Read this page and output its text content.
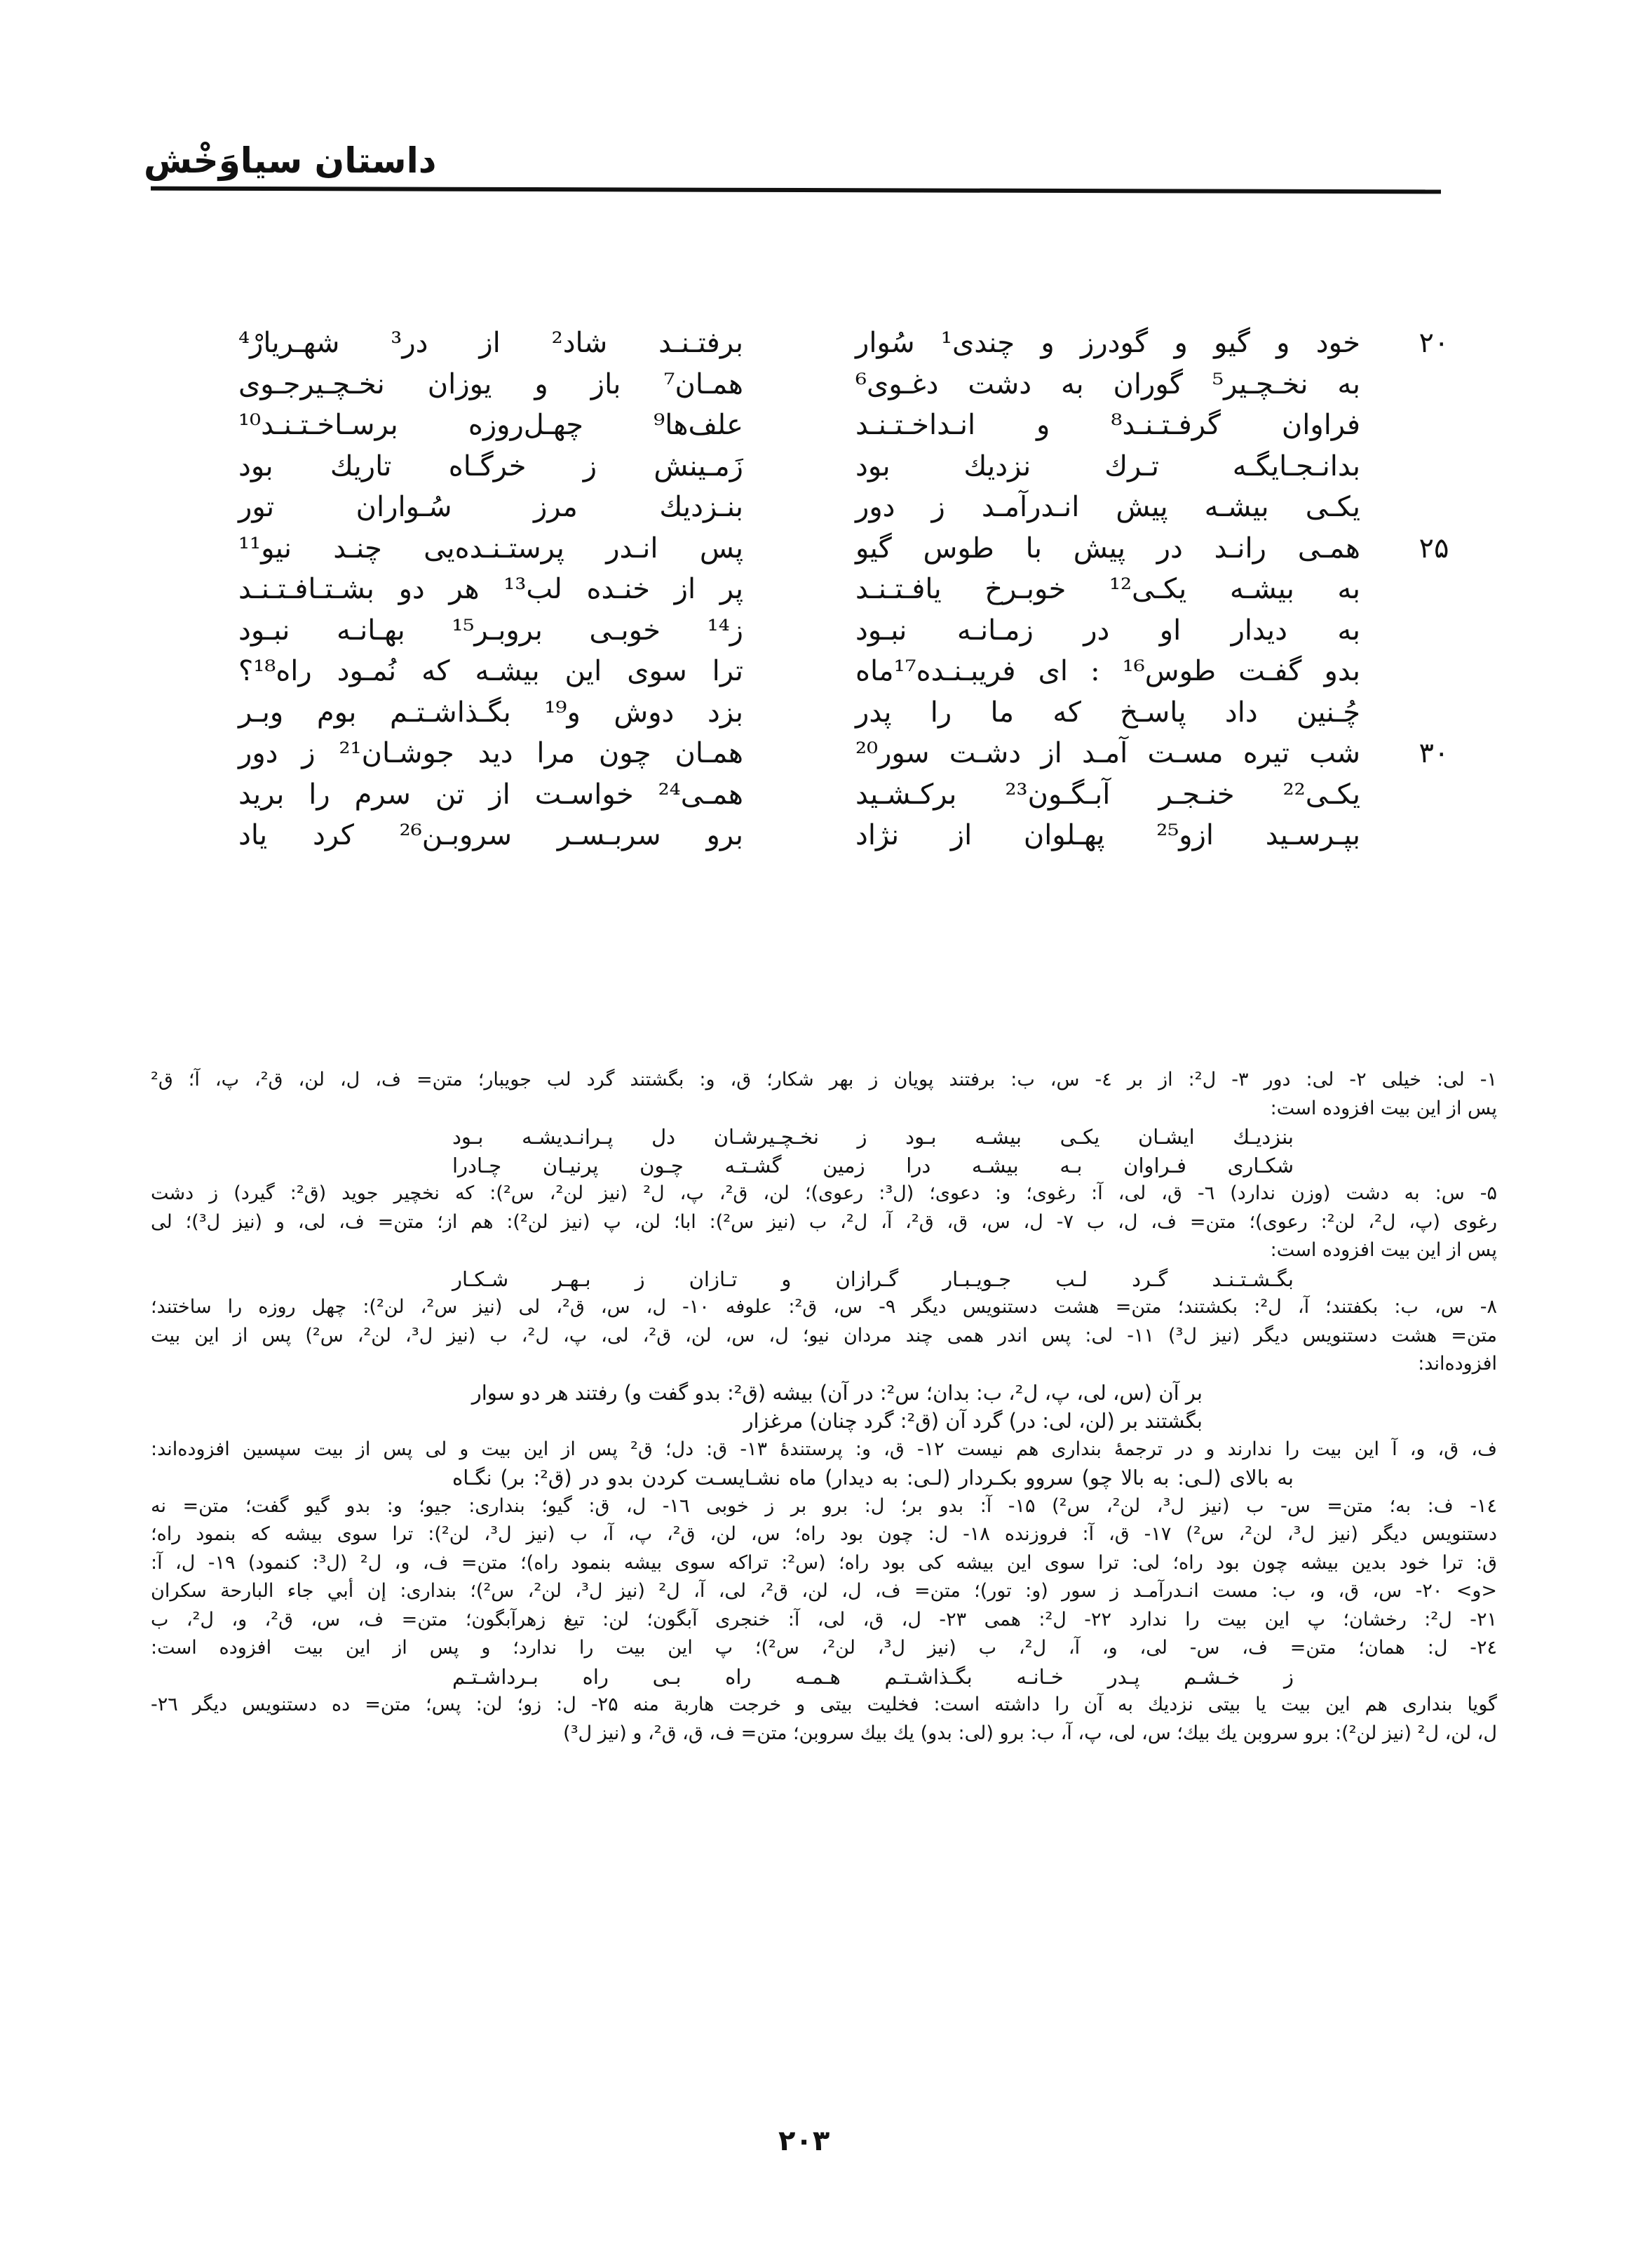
داستان سیاوَخْش
۲۰
خود و گیو و گودرز و چندی¹ سُوار
برفتـنـد شاد² از در³ شهـریارْ⁴
به نخـچـیر⁵ گوران به دشت دغـوی⁶
همـان⁷ باز و یوزان نخـچـیرجـوی
فراوان گرفـتـنـد⁸ و انـداخـتـنـد
علف‌ها⁹ چهـل‌روزه برسـاخـتـنـد¹⁰
بدانـجـایگـه تـرك نزدیك بود
زَمـینش ز خرگـاه تاریك بود
یکـی بیشـه پیش انـدرآمـد ز دور
بنـزدیك مرز سُـواران تور
۲۵
همـی رانـد در پیش با طوس گیو
پس انـدر پرستـنـده‌یی چنـد نیو¹¹
به بیشـه یکـی¹² خوبـرخ یافـتـنـد
پر از خنـده لب¹³ هر دو بشـتـافـتـنـد
به دیدار او در زمـانـه نبـود
ز¹⁴ خوبـی بروبـر¹⁵ بهـانـه نبـود
بدو گفـت طوس¹⁶ : ای فریبـنـده¹⁷ماه
ترا سوی این بیشـه که نُمـود راه¹⁸؟
چُـنین داد پاسـخ که ما را پدر
بزد دوش و¹⁹ بگـذاشـتـم بوم وبـر
۳۰
شب تیره مسـت آمـد از دشـت سور²⁰
همـان چون مرا دید جوشـان²¹ ز دور
یکـی²² خنـجـر آبـگـون²³ برکـشـید
همـی²⁴ خواسـت از تن سرم را برید
بپـرسـید ازو²⁵ پهـلوان از نژاد
برو سربـسـر سروبـن²⁶ کرد یاد
۱- لی: خیلی ۲- لی: دور ۳- ل²: از بر ٤- س، ب: برفتند پویان ز بهر شکار؛ ق، و: بگشتند گرد لب جویبار؛ متن= ف، ل، لن، ق²، پ، آ؛ ق²
پس از این بیت افزوده است:
بنزدیـك ایشـان یکـی بیشـه بـود ز نخـچـیرشـان دل پـرانـدیشـه بـود
شکـاری فـراوان بـه بیشـه درا زمین گشـتـه چـون پرنیـان چـادرا
۵- س: به دشت (وزن ندارد) ٦- ق، لی، آ: رغوی؛ و: دعوی؛ (ل³: رعوی)؛ لن، ق²، پ، ل² (نیز لن²، س²): که نخچیر جوید (ق²: گیرد) ز دشت
رغوی (پ، ل²، لن²: رعوی)؛ متن= ف، ل، ب ۷- ل، س، ق، ق²، آ، ل²، ب (نیز س²): ابا؛ لن، پ (نیز لن²): هم از؛ متن= ف، لی، و (نیز ل³)؛ لی
پس از این بیت افزوده است:
بگـشـتـنـد گـرد لـب جـویـبـار گـرازان و تـازان ز بـهـر شـکـار
۸- س، ب: بکفتند؛ آ، ل²: بکشتند؛ متن= هشت دستنویس دیگر ۹- س، ق²: علوفه ۱۰- ل، س، ق²، لی (نیز س²، لن²): چهل روزه را ساختند؛
متن= هشت دستنویس دیگر (نیز ل³) ۱۱- لی: پس اندر همی چند مردان نیو؛ ل، س، لن، ق²، لی، پ، ل²، ب (نیز ل³، لن²، س²) پس از این بیت
افزوده‌اند:
بر آن (س، لی، پ، ل²، ب: بدان؛ س²: در آن) بیشه (ق²: بدو گفت و) رفتند هر دو سوار
بگشتند بر (لن، لی: در) گرد آن (ق²: گرد چنان) مرغزار
ف، ق، و، آ این بیت را ندارند و در ترجمهٔ بنداری هم نیست ۱۲- ق، و: پرستندهٔ ۱۳- ق: دل؛ ق² پس از این بیت و لی پس از بیت سپسین افزوده‌اند:
به بالای (لـی: به بالا چو) سروو بکـردار (لـی: به دیدار) ماه نشـایسـت کردن بدو در (ق²: بر) نگـاه
۱٤- ف: به؛ متن= س- ب (نیز ل³، لن²، س²) ۱۵- آ: بدو بر؛ ل: برو بر ز خوبی ۱٦- ل، ق: گیو؛ بنداری: جیو؛ و: بدو گیو گفت؛ متن= نه
دستنویس دیگر (نیز ل³، لن²، س²) ۱۷- ق، آ: فروزنده ۱۸- ل: چون بود راه؛ س، لن، ق²، پ، آ، ب (نیز ل³، لن²): ترا سوی بیشه که بنمود راه؛
ق: ترا خود بدین بیشه چون بود راه؛ لی: ترا سوی این بیشه کی بود راه؛ (س²: تراکه سوی بیشه بنمود راه)؛ متن= ف، و، ل² (ل³: کنمود) ۱۹- ل، آ:
<و> ۲۰- س، ق، و، ب: مست انـدرآمـد ز سور (و: تور)؛ متن= ف، ل، لن، ق²، لی، آ، ل² (نیز ل³، لن²، س²)؛ بنداری: إن أبي جاء البارحة سکران
۲۱- ل²: رخشان؛ پ این بیت را ندارد ۲۲- ل²: همی ۲۳- ل، ق، لی، آ: خنجری آبگون؛ لن: تیغ زهرآبگون؛ متن= ف، س، ق²، و، ل²، ب
۲٤- ل: همان؛ متن= ف، س- لی، و، آ، ل²، ب (نیز ل³، لن²، س²)؛ پ این بیت را ندارد؛ و پس از این بیت افزوده است:
ز خـشـم پـدر خـانـه بگـذاشـتـم هـمـه راه بـی راه بـرداشـتـم
گویا بنداری هم این بیت یا بیتی نزدیك به آن را داشته است: فخلیت بیتی و خرجت هاربة منه ۲۵- ل: زو؛ لن: پس؛ متن= ده دستنویس دیگر ۲٦-
ل، لن، ل² (نیز لن²): برو سروبن یك بیك؛ س، لی، پ، آ، ب: برو (لی: بدو) یك بیك سروبن؛ متن= ف، ق، ق²، و (نیز ل³)
۲۰۳
